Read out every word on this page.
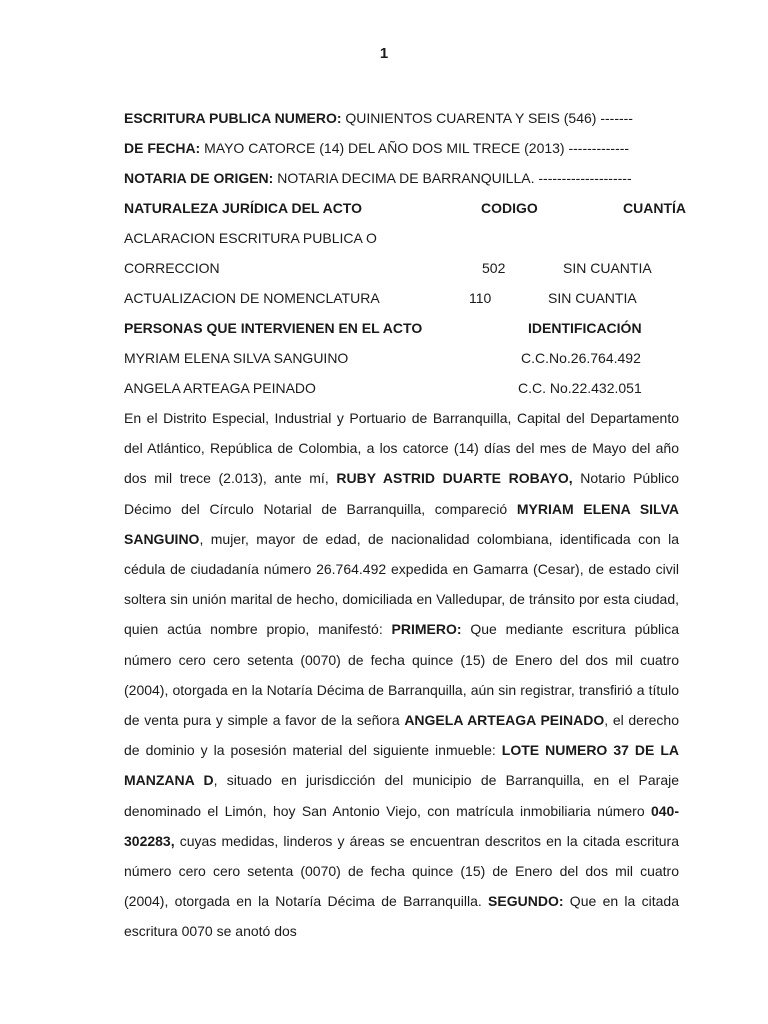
1
ESCRITURA PUBLICA NUMERO: QUINIENTOS CUARENTA Y SEIS (546) -------
DE FECHA: MAYO CATORCE (14) DEL AÑO DOS MIL TRECE (2013) -------------
NOTARIA DE ORIGEN: NOTARIA DECIMA DE BARRANQUILLA. --------------------
NATURALEZA JURÍDICA DEL ACTO	CODIGO	CUANTÍA
ACLARACION ESCRITURA PUBLICA O
CORRECCION	502	SIN CUANTIA
ACTUALIZACION DE NOMENCLATURA	110	SIN CUANTIA
PERSONAS QUE INTERVIENEN EN EL ACTO	IDENTIFICACIÓN
MYRIAM ELENA SILVA SANGUINO	C.C.No.26.764.492
ANGELA ARTEAGA PEINADO	C.C. No.22.432.051
En el Distrito Especial, Industrial y Portuario de Barranquilla, Capital del Departamento del Atlántico, República de Colombia, a los catorce (14) días del mes de Mayo del año dos mil trece (2.013), ante mí, RUBY ASTRID DUARTE ROBAYO, Notario Público Décimo del Círculo Notarial de Barranquilla, compareció MYRIAM ELENA SILVA SANGUINO, mujer, mayor de edad, de nacionalidad colombiana, identificada con la cédula de ciudadanía número 26.764.492 expedida en Gamarra (Cesar), de estado civil soltera sin unión marital de hecho, domiciliada en Valledupar, de tránsito por esta ciudad, quien actúa nombre propio, manifestó: PRIMERO: Que mediante escritura pública número cero cero setenta (0070) de fecha quince (15) de Enero del dos mil cuatro (2004), otorgada en la Notaría Décima de Barranquilla, aún sin registrar, transfirió a título de venta pura y simple a favor de la señora ANGELA ARTEAGA PEINADO, el derecho de dominio y la posesión material del siguiente inmueble: LOTE NUMERO 37 DE LA MANZANA D, situado en jurisdicción del municipio de Barranquilla, en el Paraje denominado el Limón, hoy San Antonio Viejo, con matrícula inmobiliaria número 040-302283, cuyas medidas, linderos y áreas se encuentran descritos en la citada escritura número cero cero setenta (0070) de fecha quince (15) de Enero del dos mil cuatro (2004), otorgada en la Notaría Décima de Barranquilla. SEGUNDO: Que en la citada escritura 0070 se anotó dos
